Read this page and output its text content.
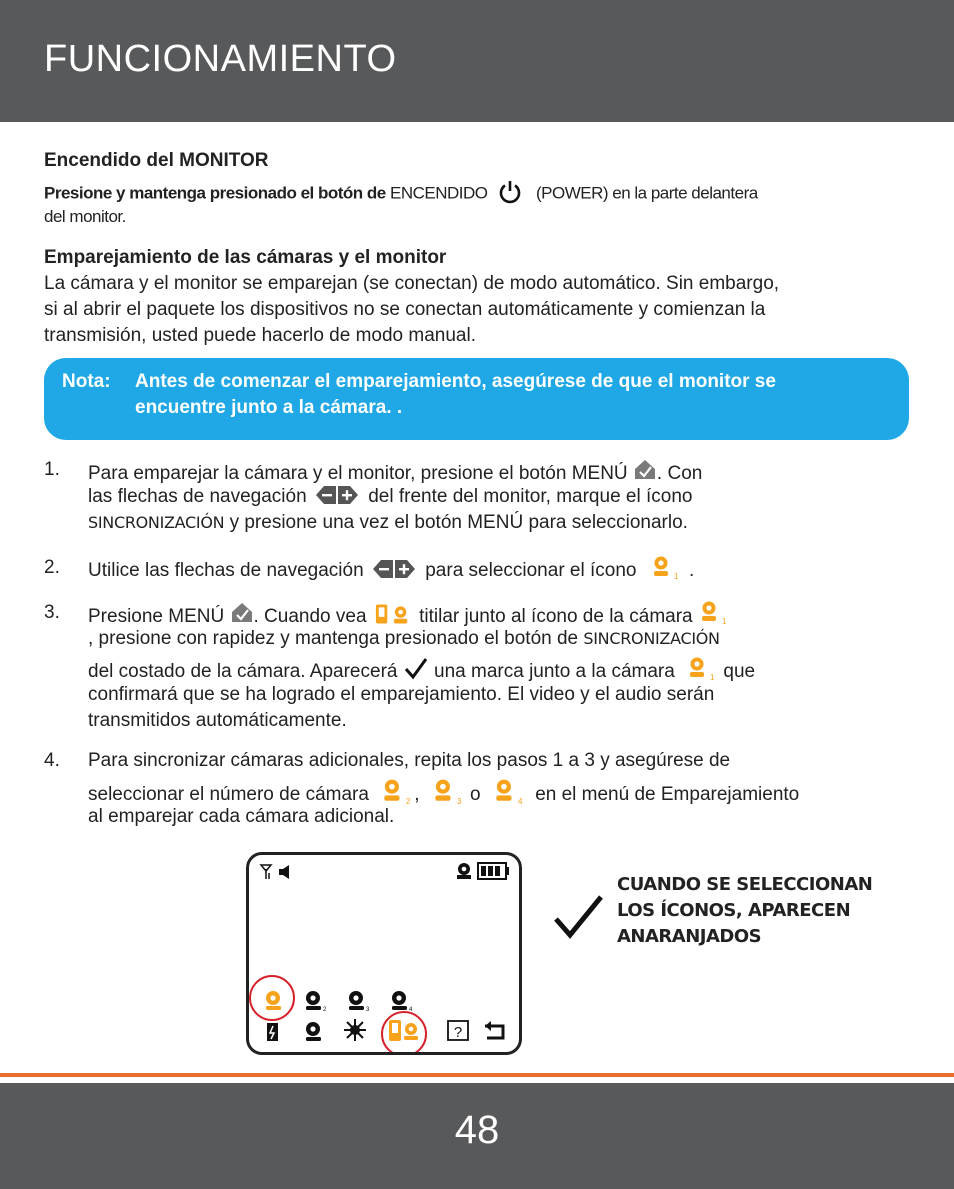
FUNCIONAMIENTO
Encendido del MONITOR
Presione y mantenga presionado el botón de ENCENDIDO	(POWER) en la parte delantera
del monitor.
Emparejamiento de las cámaras y el monitor
La cámara y el monitor se emparejan (se conectan) de modo automático. Sin embargo,
si al abrir el paquete los dispositivos no se conectan automáticamente y comienzan la
transmisión, usted puede hacerlo de modo manual.
Nota: Antes de comenzar el emparejamiento, asegúrese de que el monitor se
encuentre junto a la cámara. .
1. Para emparejar la cámara y el monitor, presione el botón MENÚ . Con
las flechas de navegación	del frente del monitor, marque el ícono
SINCRONIZACIÓN y presione una vez el botón MENÚ para seleccionarlo.
2. Utilice las flechas de navegación	para seleccionar el ícono	1 .
3. Presione MENÚ . Cuando vea	titilar junto al ícono de la cámara	1
, presione con rapidez y mantenga presionado el botón de SINCRONIZACIÓN
del costado de la cámara. Aparecerá una marca junto a la cámara	1 que
confirmará que se ha logrado el emparejamiento. El video y el audio serán
transmitidos automáticamente.
4. Para sincronizar cámaras adicionales, repita los pasos 1 a 3 y asegúrese de
seleccionar el número de cámara	2 ,	3 o	4 en el menú de Emparejamiento
al emparejar cada cámara adicional.
2	3	4
?
CUANDO SE SELECCIONAN
LOS ÍCONOS, APARECEN
ANARANJADOS
48
